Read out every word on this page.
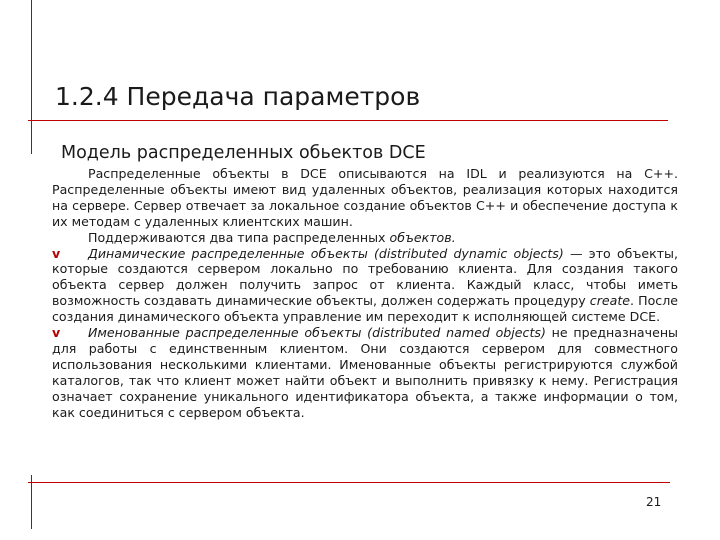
1.2.4 Передача параметров
Модель распределенных обьектов DCE

Распределенные объекты в DCE описываются на IDL и реализуются на C++. Распределенные объекты имеют вид удаленных объектов, реализация которых находится на сервере. Сервер отвечает за локальное создание объектов C++ и обеспечение доступа к их методам с удаленных клиентских машин.

Поддерживаются два типа распределенных объектов.

v Динамические распределенные объекты (distributed dynamic objects) — это объекты, которые создаются сервером локально по требованию клиента. Для создания такого объекта сервер должен получить запрос от клиента. Каждый класс, чтобы иметь возможность создавать динамические объекты, должен содержать процедуру create. После создания динамического объекта управление им переходит к исполняющей системе DCE.

v Именованные распределенные объекты (distributed named objects) не предназначены для работы с единственным клиентом. Они создаются сервером для совместного использования несколькими клиентами. Именованные объекты регистрируются службой каталогов, так что клиент может найти объект и выполнить привязку к нему. Регистрация означает сохранение уникального идентификатора объекта, а также информации о том, как соединиться с сервером объекта.

21
